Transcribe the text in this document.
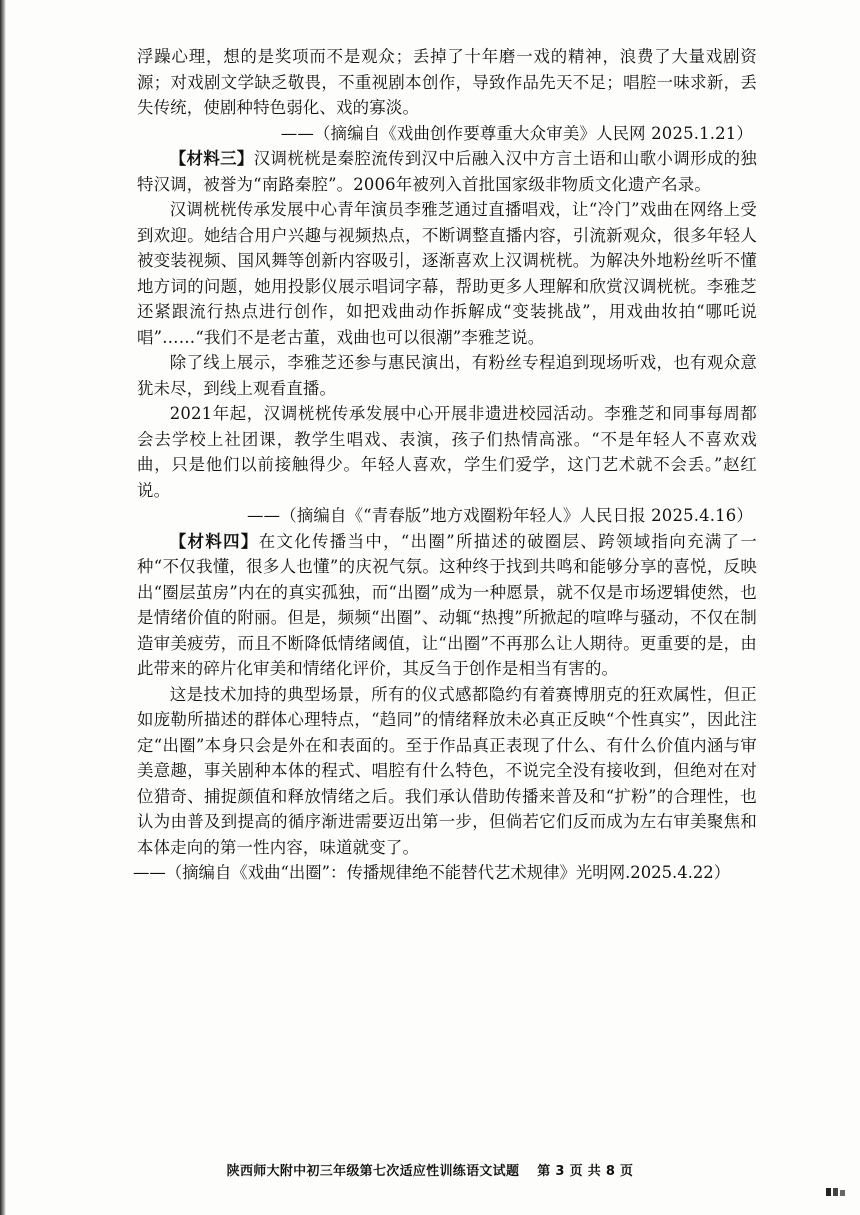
浮躁心理，想的是奖项而不是观众；丢掉了十年磨一戏的精神，浪费了大量戏剧资源；对戏剧文学缺乏敬畏，不重视剧本创作，导致作品先天不足；唱腔一味求新，丢失传统，使剧种特色弱化、戏的寡淡。

——（摘编自《戏曲创作要尊重大众审美》人民网 2025.1.21）

【材料三】汉调桄桄是秦腔流传到汉中后融入汉中方言土语和山歌小调形成的独特汉调，被誉为“南路秦腔”。2006年被列入首批国家级非物质文化遗产名录。

汉调桄桄传承发展中心青年演员李雅芝通过直播唱戏，让“冷门”戏曲在网络上受到欢迎。她结合用户兴趣与视频热点，不断调整直播内容，引流新观众，很多年轻人被变装视频、国风舞等创新内容吸引，逐渐喜欢上汉调桄桄。为解决外地粉丝听不懂地方词的问题，她用投影仪展示唱词字幕，帮助更多人理解和欣赏汉调桄桄。李雅芝还紧跟流行热点进行创作，如把戏曲动作拆解成“变装挑战”，用戏曲妆拍“哪吒说唱”……“我们不是老古董，戏曲也可以很潮”李雅芝说。

除了线上展示，李雅芝还参与惠民演出，有粉丝专程追到现场听戏，也有观众意犹未尽，到线上观看直播。

2021年起，汉调桄桄传承发展中心开展非遗进校园活动。李雅芝和同事每周都会去学校上社团课，教学生唱戏、表演，孩子们热情高涨。“不是年轻人不喜欢戏曲，只是他们以前接触得少。年轻人喜欢，学生们爱学，这门艺术就不会丢。”赵红说。

——（摘编自《“青春版”地方戏圈粉年轻人》人民日报 2025.4.16）

【材料四】在文化传播当中，“出圈”所描述的破圈层、跨领域指向充满了一种“不仅我懂，很多人也懂”的庆祝气氛。这种终于找到共鸣和能够分享的喜悦，反映出“圈层茧房”内在的真实孤独，而“出圈”成为一种愿景，就不仅是市场逻辑使然，也是情绪价值的附丽。但是，频频“出圈”、动辄“热搜”所掀起的喧哗与骚动，不仅在制造审美疲劳，而且不断降低情绪阈值，让“出圈”不再那么让人期待。更重要的是，由此带来的碎片化审美和情绪化评价，其反刍于创作是相当有害的。

这是技术加持的典型场景，所有的仪式感都隐约有着赛博朋克的狂欢属性，但正如庞勒所描述的群体心理特点，“趋同”的情绪释放未必真正反映“个性真实”，因此注定“出圈”本身只会是外在和表面的。至于作品真正表现了什么、有什么价值内涵与审美意趣，事关剧种本体的程式、唱腔有什么特色，不说完全没有接收到，但绝对在对位猎奇、捕捉颜值和释放情绪之后。我们承认借助传播来普及和“扩粉”的合理性，也认为由普及到提高的循序渐进需要迈出第一步，但倘若它们反而成为左右审美聚焦和本体走向的第一性内容，味道就变了。

——（摘编自《戏曲“出圈”：传播规律绝不能替代艺术规律》光明网.2025.4.22）

陕西师大附中初三年级第七次适应性训练语文试题 第 3 页 共 8 页
